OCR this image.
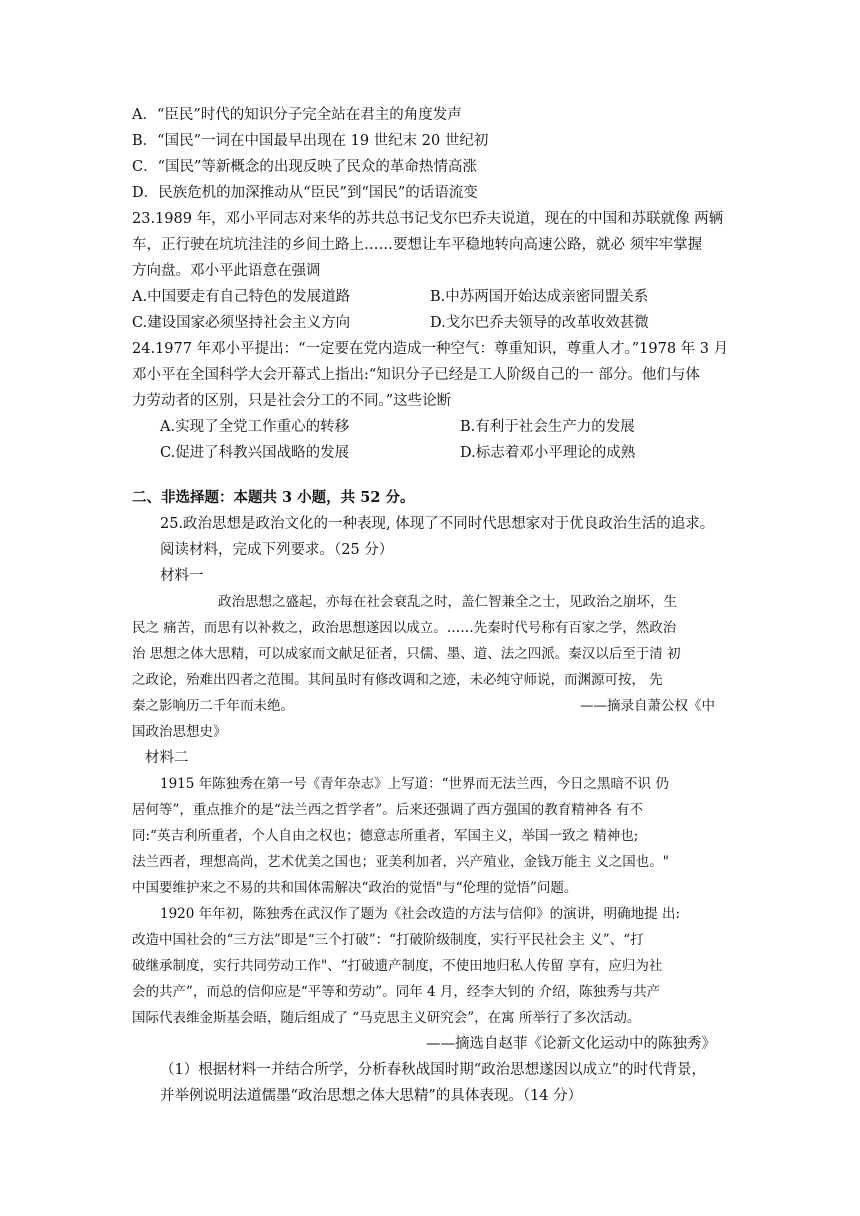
A．“臣民”时代的知识分子完全站在君主的角度发声
B．“国民”一词在中国最早出现在 19 世纪末 20 世纪初
C．“国民”等新概念的出现反映了民众的革命热情高涨
D．民族危机的加深推动从“臣民”到“国民”的话语流变
23.1989 年，邓小平同志对来华的苏共总书记戈尔巴乔夫说道，现在的中国和苏联就像 两辆
车，正行驶在坑坑洼洼的乡间土路上……要想让车平稳地转向高速公路，就必 须牢牢掌握
方向盘。邓小平此语意在强调
A.中国要走有自己特色的发展道路	B.中苏两国开始达成亲密同盟关系
C.建设国家必须坚持社会主义方向	D.戈尔巴乔夫领导的改革收效甚微
24.1977 年邓小平提出：“一定要在党内造成一种空气：尊重知识，尊重人才。”1978 年 3 月
邓小平在全国科学大会开幕式上指出:“知识分子已经是工人阶级自己的一 部分。他们与体
力劳动者的区别，只是社会分工的不同。”这些论断
A.实现了全党工作重心的转移	B.有利于社会生产力的发展
C.促进了科教兴国战略的发展	D.标志着邓小平理论的成熟
二、非选择题：本题共 3 小题，共 52 分。
25.政治思想是政治文化的一种表现, 体现了不同时代思想家对于优良政治生活的追求。
阅读材料，完成下列要求。（25 分）
材料一
政治思想之盛起，亦每在社会衰乱之时，盖仁智兼全之士，见政治之崩坏，生
民之 痛苦，而思有以补救之，政治思想遂因以成立。……先秦时代号称有百家之学，然政治
治 思想之体大思精，可以成家而文献足征者，只儒、墨、道、法之四派。秦汉以后至于清 初
之政论，殆难出四者之范围。其间虽时有修改调和之迹，未必纯守师说，而渊源可按， 先
秦之影响历二千年而未绝。	——摘录自萧公权《中
国政治思想史》
材料二
1915 年陈独秀在第一号《青年杂志》上写道：“世界而无法兰西，今日之黑暗不识 仍
居何等”，重点推介的是“法兰西之哲学者”。后来还强调了西方强国的教育精神各 有不
同:“英吉利所重者，个人自由之权也；德意志所重者，军国主义，举国一致之 精神也;
法兰西者，理想高尚，艺术优美之国也；亚美利加者，兴产殖业，金钱万能主 义之国也。"
中国要维护来之不易的共和国体需解决“政治的觉悟"与“伦理的觉悟”问题。
1920 年年初，陈独秀在武汉作了题为《社会改造的方法与信仰》的演讲，明确地提 出:
改造中国社会的“三方法”即是“三个打破”：“打破阶级制度，实行平民社会主 义”、“打
破继承制度，实行共同劳动工作"、“打破遗产制度，不使田地归私人传留 享有，应归为社
会的共产”，而总的信仰应是“平等和劳动”。同年 4 月，经李大钊的 介绍，陈独秀与共产
国际代表维金斯基会晤，随后组成了 “马克思主义研究会”，在寓 所举行了多次活动。
——摘选自赵菲《论新文化运动中的陈独秀》
（1）根据材料一并结合所学，分析春秋战国时期“政治思想遂因以成立”的时代背景，
并举例说明法道儒墨“政治思想之体大思精”的具体表现。（14 分）
